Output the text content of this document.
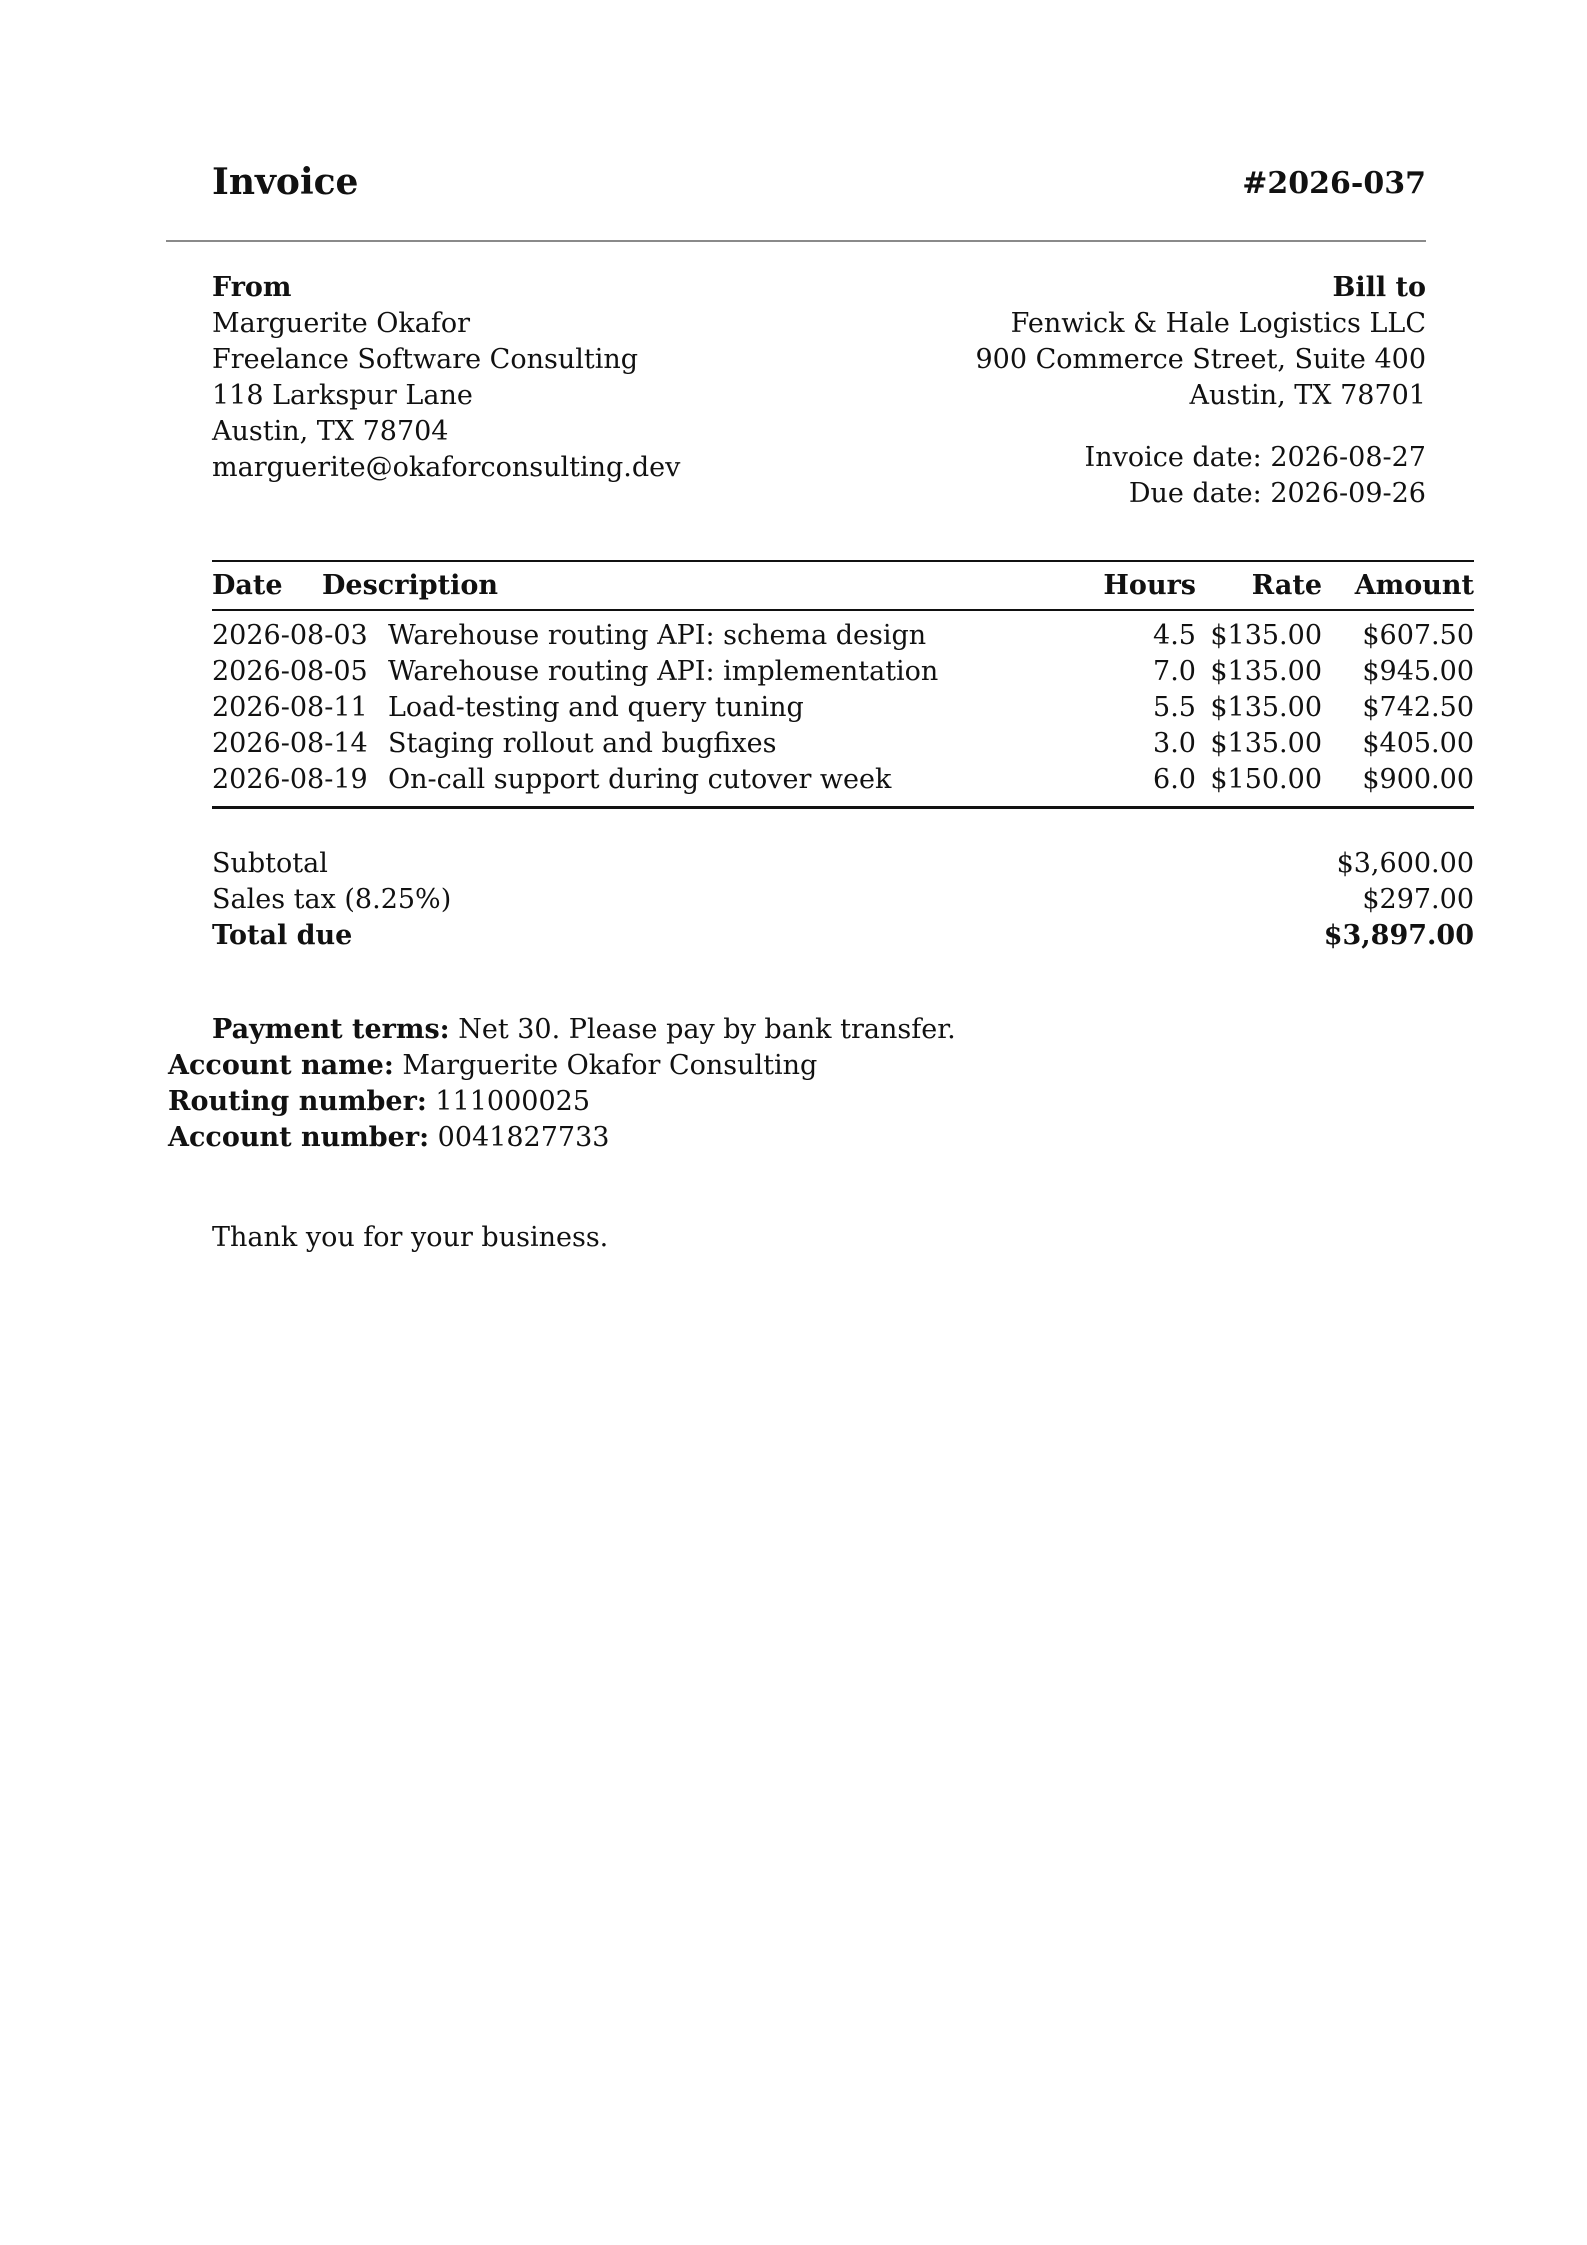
Invoice	#2026-037
From
Marguerite Okafor
Freelance Software Consulting
118 Larkspur Lane
Austin, TX 78704
marguerite@okaforconsulting.dev
Bill to
Fenwick & Hale Logistics LLC
900 Commerce Street, Suite 400
Austin, TX 78701
Invoice date: 2026-08-27
Due date: 2026-09-26
Date Description	Hours Rate Amount
2026-08-03 Warehouse routing API: schema design	4.5 $135.00 $607.50
2026-08-05 Warehouse routing API: implementation	7.0 $135.00 $945.00
2026-08-11 Load-testing and query tuning	5.5 $135.00 $742.50
2026-08-14 Staging rollout and bugfixes	3.0 $135.00 $405.00
2026-08-19 On-call support during cutover week	6.0 $150.00 $900.00
Subtotal	$3,600.00
Sales tax (8.25%)	$297.00
Total due	$3,897.00
Payment terms: Net 30. Please pay by bank transfer.
Account name: Marguerite Okafor Consulting
Routing number: 111000025
Account number: 0041827733
Thank you for your business.
